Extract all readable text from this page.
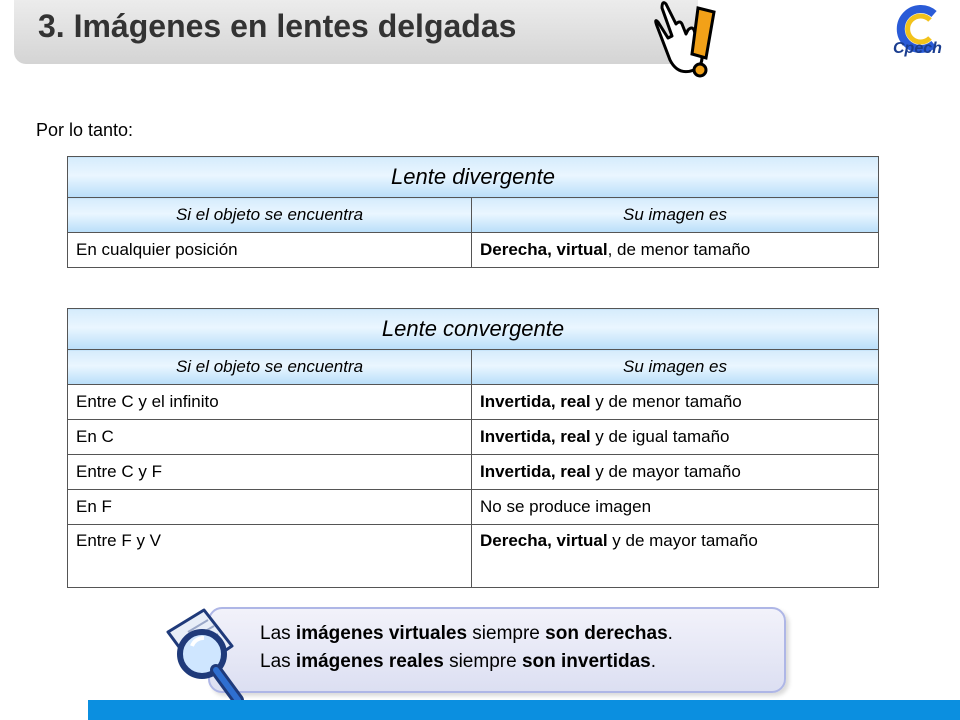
3. Imágenes en lentes delgadas
Cpech
Por lo tanto:
Lente divergente	
Si el objeto se encuentra	Su imagen es
En cualquier posición	Derecha, virtual, de menor tamaño
Lente convergente	
Si el objeto se encuentra	Su imagen es
Entre C y el infinito	Invertida, real y de menor tamaño
En C	Invertida, real y de igual tamaño
Entre C y F	Invertida, real y de mayor tamaño
En F	No se produce imagen
Entre F y V	Derecha, virtual y de mayor tamaño
Las imágenes virtuales siempre son derechas.
Las imágenes reales siempre son invertidas.
